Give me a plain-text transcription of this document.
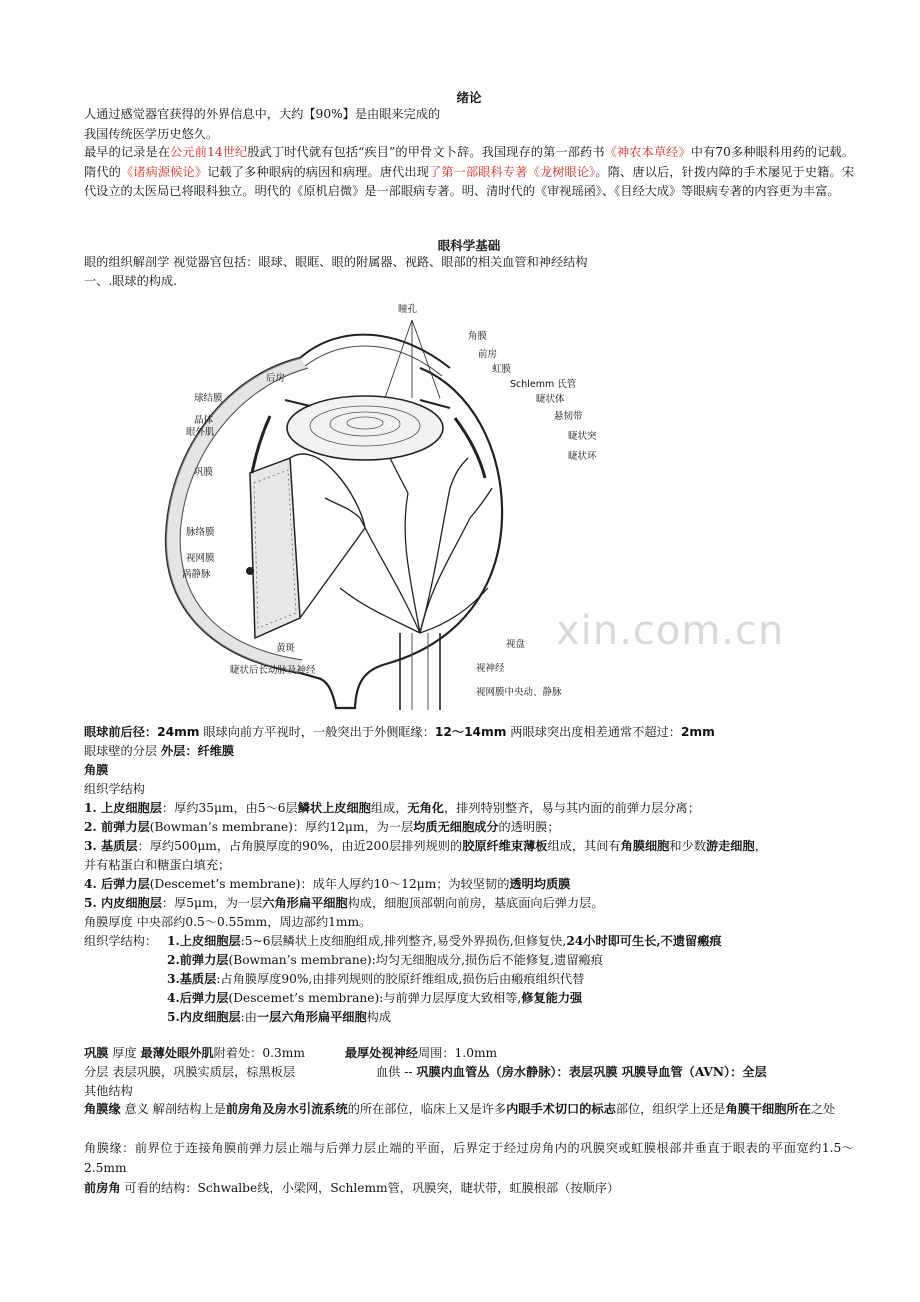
绪论
人通过感觉器官获得的外界信息中，大约【90%】是由眼来完成的
我国传统医学历史悠久。
最早的记录是在公元前14世纪殷武丁时代就有包括“疾目”的甲骨文卜辞。我国现存的第一部药书《神农本草经》中有70多种眼科用药的记载。隋代的《诸病源候论》记载了多种眼病的病因和病理。唐代出现了第一部眼科专著《龙树眼论》。隋、唐以后，针拨内障的手术屡见于史籍。宋代设立的太医局已将眼科独立。明代的《原机启微》是一部眼病专著。明、清时代的《审视瑶函》、《目经大成》等眼病专著的内容更为丰富。
眼科学基础
眼的组织解剖学 视觉器官包括：眼球、眼眶、眼的附属器、视路、眼部的相关血管和神经结构
一、.眼球的构成.
瞳孔
角膜
前房
虹膜
Schlemm 氏管
睫状体
悬韧带
睫状突
睫状环
后房
球结膜
晶体
眼外肌
巩膜
脉络膜
视网膜
涡静脉
黄斑
睫状后长动脉及神经
视盘
视神经
视网膜中央动、静脉
眼球前后径：24mm 眼球向前方平视时，一般突出于外侧眶缘：12～14mm 两眼球突出度相差通常不超过：2mm
眼球壁的分层 外层：纤维膜
角膜
组织学结构
1. 上皮细胞层：厚约35μm，由5～6层鳞状上皮细胞组成，无角化，排列特别整齐，易与其内面的前弹力层分离；
2. 前弹力层(Bowman’s membrane)：厚约12μm，为一层均质无细胞成分的透明膜；
3. 基质层：厚约500μm，占角膜厚度的90%，由近200层排列规则的胶原纤维束薄板组成，其间有角膜细胞和少数游走细胞，
并有粘蛋白和糖蛋白填充；
4. 后弹力层(Descemet’s membrane)：成年人厚约10～12μm；为较坚韧的透明均质膜
5. 内皮细胞层：厚5μm，为一层六角形扁平细胞构成，细胞顶部朝向前房，基底面向后弹力层。
角膜厚度 中央部约0.5～0.55mm，周边部约1mm。
组织学结构： 1.上皮细胞层:5~6层鳞状上皮细胞组成,排列整齐,易受外界损伤,但修复快,24小时即可生长,不遗留瘢痕
2.前弹力层(Bowman’s membrane):均匀无细胞成分,损伤后不能修复,遗留瘢痕
3.基质层:占角膜厚度90%,由排列规则的胶原纤维组成,损伤后由瘢痕组织代替
4.后弹力层(Descemet’s membrane):与前弹力层厚度大致相等,修复能力强
5.内皮细胞层:由一层六角形扁平细胞构成
巩膜 厚度 最薄处眼外肌附着处：0.3mm	最厚处视神经周围：1.0mm
分层 表层巩膜，巩膜实质层，棕黑板层	血供 -- 巩膜内血管丛（房水静脉）：表层巩膜 巩膜导血管（AVN）：全层
其他结构
角膜缘 意义 解剖结构上是前房角及房水引流系统的所在部位，临床上又是许多内眼手术切口的标志部位，组织学上还是角膜干细胞所在之处
角膜缘：前界位于连接角膜前弹力层止端与后弹力层止端的平面，后界定于经过房角内的巩膜突或虹膜根部并垂直于眼表的平面宽约1.5～2.5mm
前房角 可看的结构：Schwalbe线，小梁网，Schlemm管，巩膜突，睫状带，虹膜根部（按顺序）
xin.com.cn
